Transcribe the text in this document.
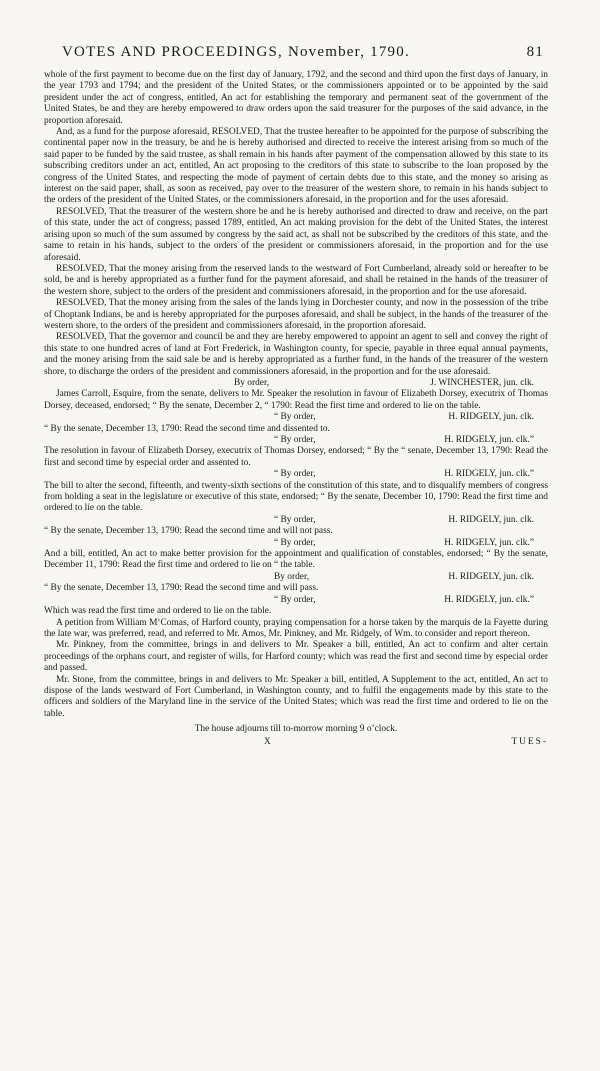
VOTES AND PROCEEDINGS, November, 1790.	81

whole of the first payment to become due on the first day of January, 1792, and the second and third upon the first days of January, in the year 1793 and 1794; and the president of the United States, or the commissioners appointed or to be appointed by the said president under the act of congress, entitled, An act for establishing the temporary and permanent seat of the government of the United States, be and they are hereby empowered to draw orders upon the said treasurer for the purposes of the said advance, in the proportion aforesaid.

And, as a fund for the purpose aforesaid, RESOLVED, That the trustee hereafter to be appointed for the purpose of subscribing the continental paper now in the treasury, be and he is hereby authorised and directed to receive the interest arising from so much of the said paper to be funded by the said trustee, as shall remain in his hands after payment of the compensation allowed by this state to its subscribing creditors under an act, entitled, An act proposing to the creditors of this state to subscribe to the loan proposed by the congress of the United States, and respecting the mode of payment of certain debts due to this state, and the money so arising as interest on the said paper, shall, as soon as received, pay over to the treasurer of the western shore, to remain in his hands subject to the orders of the president of the United States, or the commissioners aforesaid, in the proportion and for the uses aforesaid.

RESOLVED, That the treasurer of the western shore be and he is hereby authorised and directed to draw and receive, on the part of this state, under the act of congress, passed 1789, entitled, An act making provision for the debt of the United States, the interest arising upon so much of the sum assumed by congress by the said act, as shall not be subscribed by the creditors of this state, and the same to retain in his hands, subject to the orders of the president or commissioners aforesaid, in the proportion and for the use aforesaid.

RESOLVED, That the money arising from the reserved lands to the westward of Fort Cumberland, already sold or hereafter to be sold, be and is hereby appropriated as a further fund for the payment aforesaid, and shall be retained in the hands of the treasurer of the western shore, subject to the orders of the president and commissioners aforesaid, in the proportion and for the use aforesaid.

RESOLVED, That the money arising from the sales of the lands lying in Dorchester county, and now in the possession of the tribe of Choptank Indians, be and is hereby appropriated for the purposes aforesaid, and shall be subject, in the hands of the treasurer of the western shore, to the orders of the president and commissioners aforesaid, in the proportion aforesaid.

RESOLVED, That the governor and council be and they are hereby empowered to appoint an agent to sell and convey the right of this state to one hundred acres of land at Fort Frederick, in Washington county, for specie, payable in three equal annual payments, and the money arising from the said sale be and is hereby appropriated as a further fund, in the hands of the treasurer of the western shore, to discharge the orders of the president and commissioners aforesaid, in the proportion and for the use aforesaid.

By order,	J. WINCHESTER, jun. clk.

James Carroll, Esquire, from the senate, delivers to Mr. Speaker the resolution in favour of Elizabeth Dorsey, executrix of Thomas Dorsey, deceased, endorsed; “ By the senate, December 2, “ 1790: Read the first time and ordered to lie on the table.

“ By order,	H. RIDGELY, jun. clk.

“ By the senate, December 13, 1790: Read the second time and dissented to.

“ By order,	H. RIDGELY, jun. clk.”

The resolution in favour of Elizabeth Dorsey, executrix of Thomas Dorsey, endorsed; “ By the “ senate, December 13, 1790: Read the first and second time by especial order and assented to.

“ By order,	H. RIDGELY, jun. clk.”

The bill to alter the second, fifteenth, and twenty-sixth sections of the constitution of this state, and to disqualify members of congress from holding a seat in the legislature or executive of this state, endorsed; “ By the senate, December 10, 1790: Read the first time and ordered to lie on the table.

“ By order,	H. RIDGELY, jun. clk.

“ By the senate, December 13, 1790: Read the second time and will not pass.

“ By order,	H. RIDGELY, jun. clk.”

And a bill, entitled, An act to make better provision for the appointment and qualification of constables, endorsed; “ By the senate, December 11, 1790: Read the first time and ordered to lie on “ the table.

By order,	H. RIDGELY, jun. clk.

“ By the senate, December 13, 1790: Read the second time and will pass.

“ By order,	H. RIDGELY, jun. clk.”

Which was read the first time and ordered to lie on the table.

A petition from William M‘Comas, of Harford county, praying compensation for a horse taken by the marquis de la Fayette during the late war, was preferred, read, and referred to Mr. Amos, Mr. Pinkney, and Mr. Ridgely, of Wm. to consider and report thereon.

Mr. Pinkney, from the committee, brings in and delivers to Mr. Speaker a bill, entitled, An act to confirm and alter certain proceedings of the orphans court, and register of wills, for Harford county; which was read the first and second time by especial order and passed.

Mr. Stone, from the committee, brings in and delivers to Mr. Speaker a bill, entitled, A Supplement to the act, entitled, An act to dispose of the lands westward of Fort Cumberland, in Washington county, and to fulfil the engagements made by this state to the officers and soldiers of the Maryland line in the service of the United States; which was read the first time and ordered to lie on the table.

The house adjourns till to-morrow morning 9 o’clock.
X	TUES-
